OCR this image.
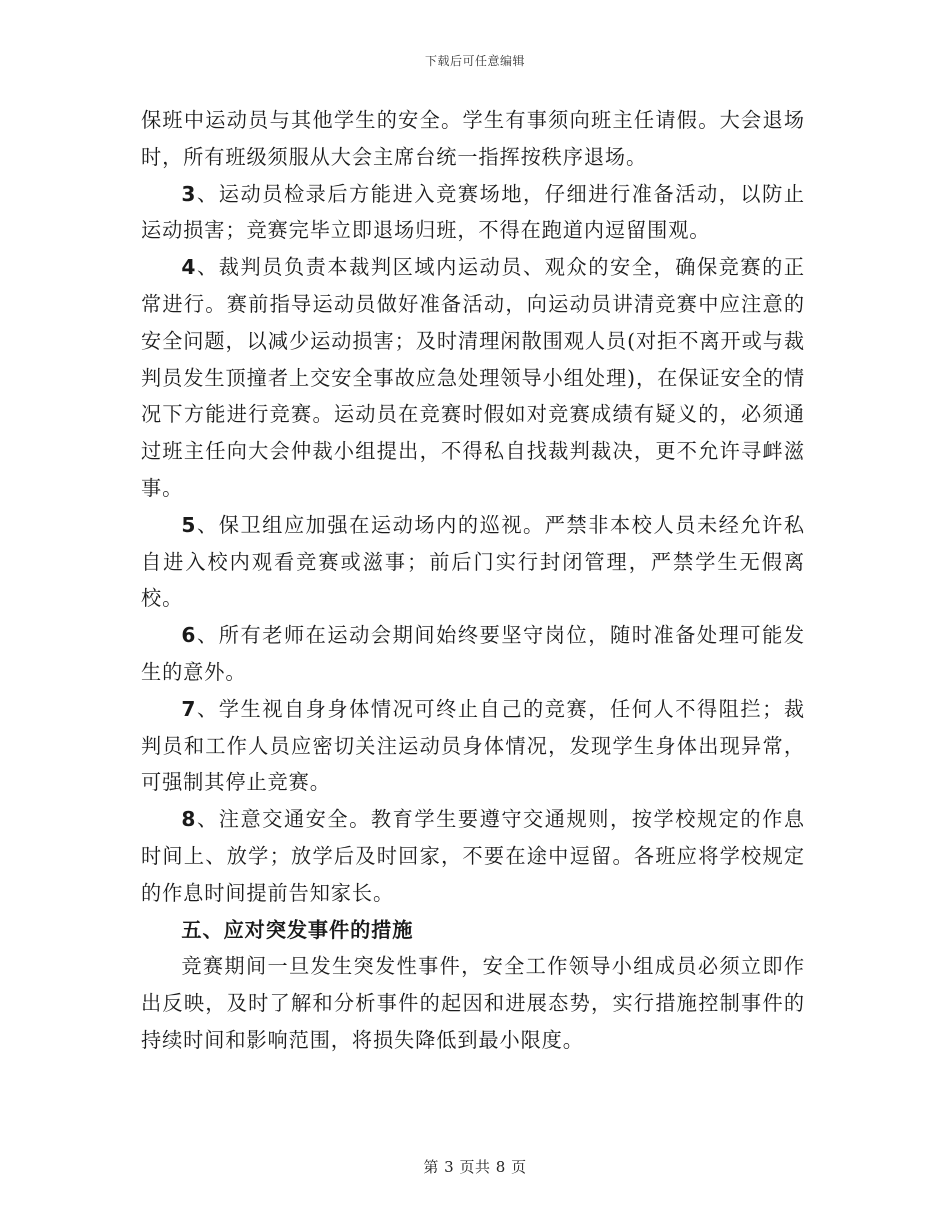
下载后可任意编辑

保班中运动员与其他学生的安全。学生有事须向班主任请假。大会退场时，所有班级须服从大会主席台统一指挥按秩序退场。

3、运动员检录后方能进入竞赛场地，仔细进行准备活动，以防止运动损害；竞赛完毕立即退场归班，不得在跑道内逗留围观。

4、裁判员负责本裁判区域内运动员、观众的安全，确保竞赛的正常进行。赛前指导运动员做好准备活动，向运动员讲清竞赛中应注意的安全问题，以减少运动损害；及时清理闲散围观人员(对拒不离开或与裁判员发生顶撞者上交安全事故应急处理领导小组处理)，在保证安全的情况下方能进行竞赛。运动员在竞赛时假如对竞赛成绩有疑义的，必须通过班主任向大会仲裁小组提出，不得私自找裁判裁决，更不允许寻衅滋事。

5、保卫组应加强在运动场内的巡视。严禁非本校人员未经允许私自进入校内观看竞赛或滋事；前后门实行封闭管理，严禁学生无假离校。

6、所有老师在运动会期间始终要坚守岗位，随时准备处理可能发生的意外。

7、学生视自身身体情况可终止自己的竞赛，任何人不得阻拦；裁判员和工作人员应密切关注运动员身体情况，发现学生身体出现异常，可强制其停止竞赛。

8、注意交通安全。教育学生要遵守交通规则，按学校规定的作息时间上、放学；放学后及时回家，不要在途中逗留。各班应将学校规定的作息时间提前告知家长。

五、应对突发事件的措施

竞赛期间一旦发生突发性事件，安全工作领导小组成员必须立即作出反映，及时了解和分析事件的起因和进展态势，实行措施控制事件的持续时间和影响范围，将损失降低到最小限度。

第 3 页共 8 页
